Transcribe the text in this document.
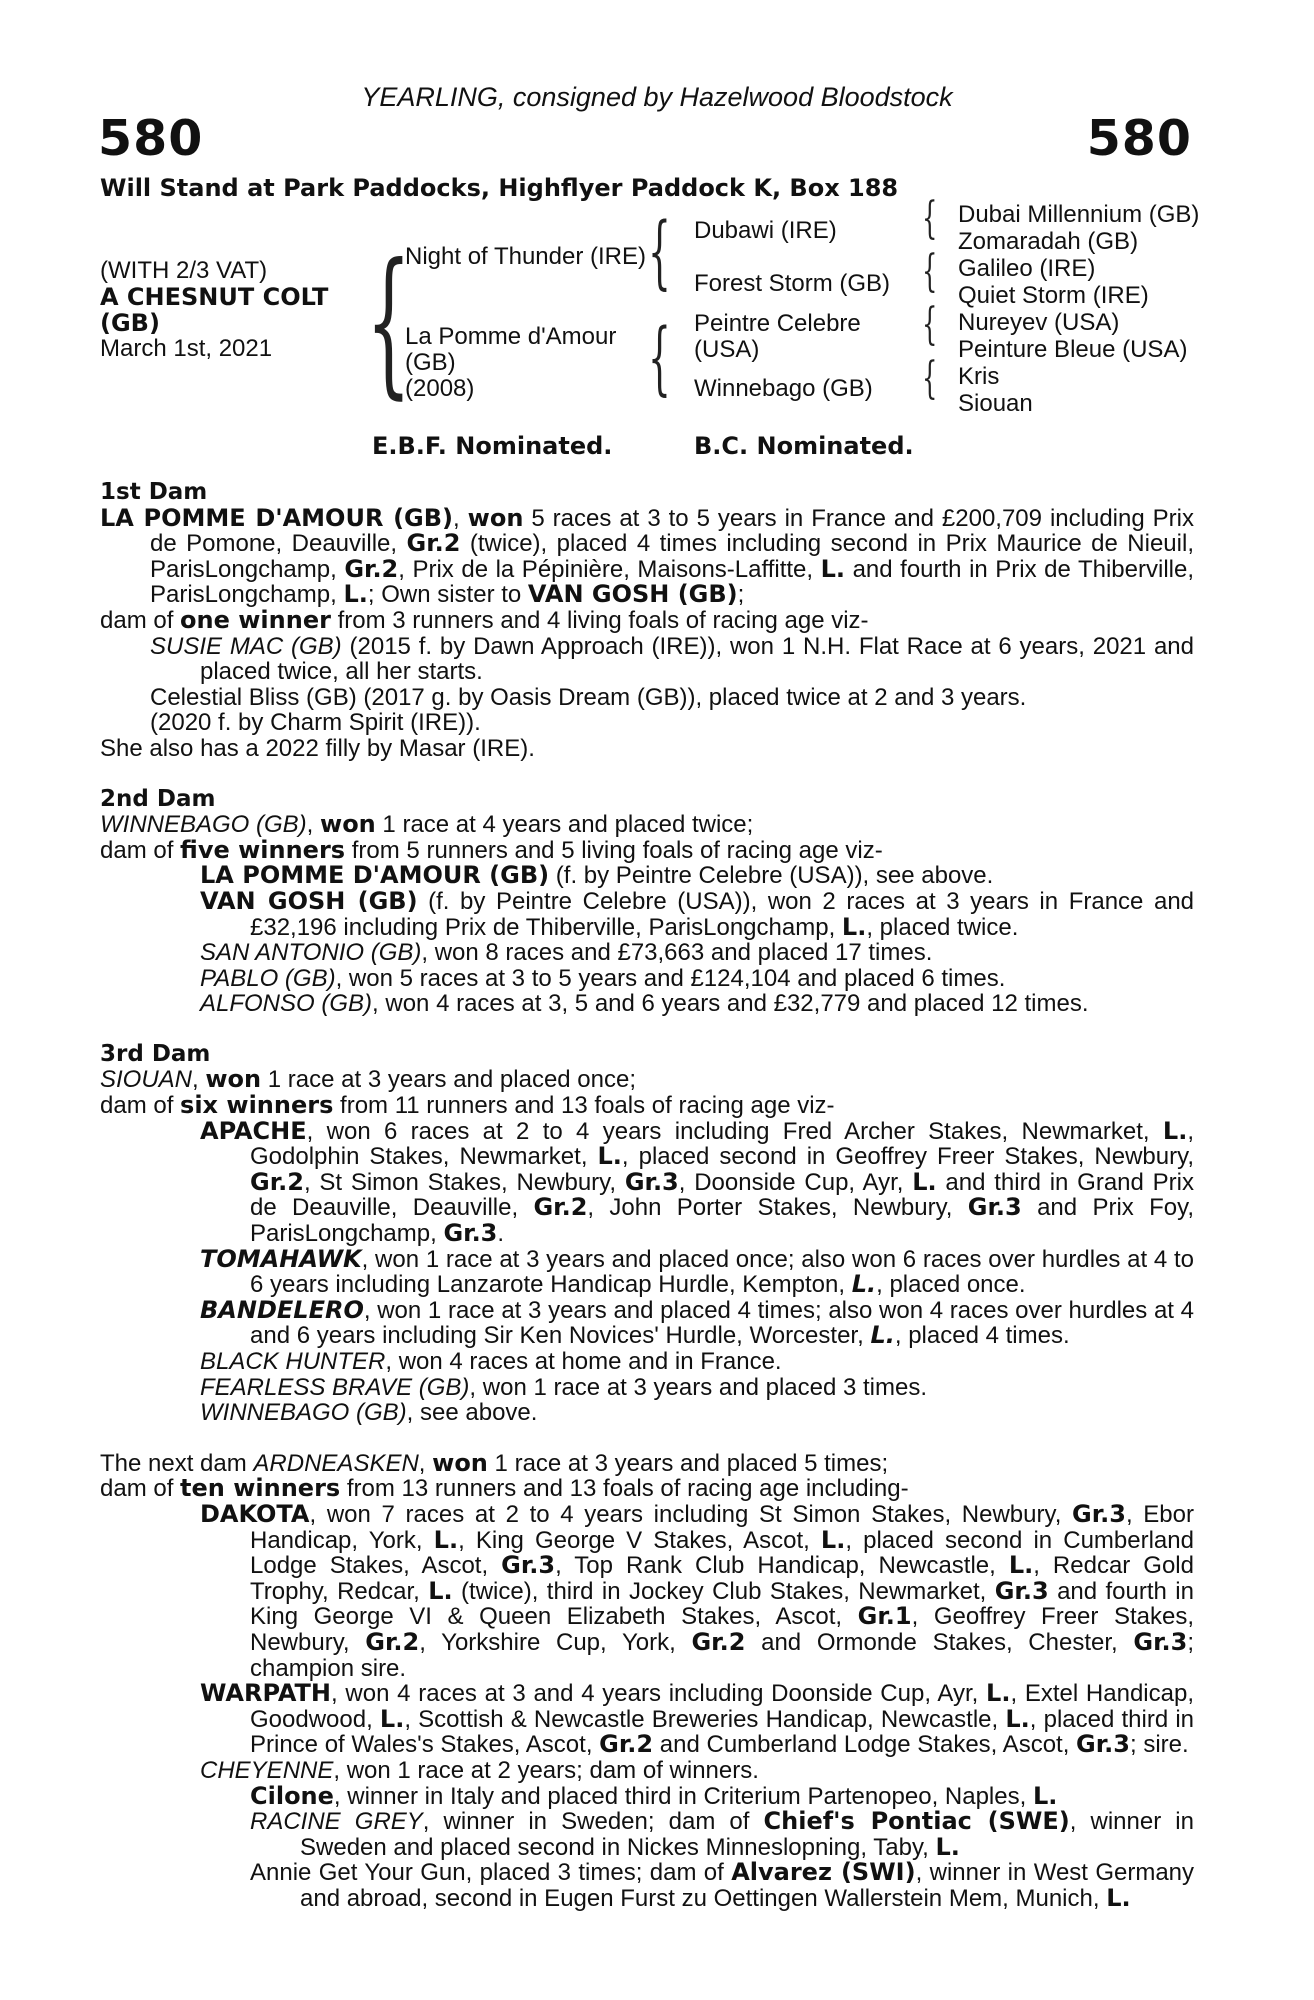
YEARLING, consigned by Hazelwood Bloodstock
580	580
Will Stand at Park Paddocks, Highflyer Paddock K, Box 188
(WITH 2/3 VAT)
A CHESNUT COLT
(GB)
March 1st, 2021 {	{
{
{
{
{
{
Night of Thunder (IRE)
La Pomme d'Amour
(GB)
(2008)
Dubawi (IRE)
Forest Storm (GB)
Peintre Celebre
(USA)
Winnebago (GB)
Dubai Millennium (GB)
Zomaradah (GB)
Galileo (IRE)
Quiet Storm (IRE)
Nureyev (USA)
Peinture Bleue (USA)
Kris
Siouan
E.B.F. Nominated.	B.C. Nominated.
1st Dam
LA POMME D'AMOUR (GB), won 5 races at 3 to 5 years in France and £200,709 including Prix de Pomone, Deauville, Gr.2 (twice), placed 4 times including second in Prix Maurice de Nieuil, ParisLongchamp, Gr.2, Prix de la Pépinière, Maisons-Laffitte, L. and fourth in Prix de Thiberville, ParisLongchamp, L.; Own sister to VAN GOSH (GB);
dam of one winner from 3 runners and 4 living foals of racing age viz-
SUSIE MAC (GB) (2015 f. by Dawn Approach (IRE)), won 1 N.H. Flat Race at 6 years, 2021 and placed twice, all her starts.
Celestial Bliss (GB) (2017 g. by Oasis Dream (GB)), placed twice at 2 and 3 years.
(2020 f. by Charm Spirit (IRE)).
She also has a 2022 filly by Masar (IRE).
2nd Dam
WINNEBAGO (GB), won 1 race at 4 years and placed twice;
dam of five winners from 5 runners and 5 living foals of racing age viz-
LA POMME D'AMOUR (GB) (f. by Peintre Celebre (USA)), see above.
VAN GOSH (GB) (f. by Peintre Celebre (USA)), won 2 races at 3 years in France and £32,196 including Prix de Thiberville, ParisLongchamp, L., placed twice.
SAN ANTONIO (GB), won 8 races and £73,663 and placed 17 times.
PABLO (GB), won 5 races at 3 to 5 years and £124,104 and placed 6 times.
ALFONSO (GB), won 4 races at 3, 5 and 6 years and £32,779 and placed 12 times.
3rd Dam
SIOUAN, won 1 race at 3 years and placed once;
dam of six winners from 11 runners and 13 foals of racing age viz-
APACHE, won 6 races at 2 to 4 years including Fred Archer Stakes, Newmarket, L., Godolphin Stakes, Newmarket, L., placed second in Geoffrey Freer Stakes, Newbury, Gr.2, St Simon Stakes, Newbury, Gr.3, Doonside Cup, Ayr, L. and third in Grand Prix de Deauville, Deauville, Gr.2, John Porter Stakes, Newbury, Gr.3 and Prix Foy, ParisLongchamp, Gr.3.
TOMAHAWK, won 1 race at 3 years and placed once; also won 6 races over hurdles at 4 to 6 years including Lanzarote Handicap Hurdle, Kempton, L., placed once.
BANDELERO, won 1 race at 3 years and placed 4 times; also won 4 races over hurdles at 4 and 6 years including Sir Ken Novices' Hurdle, Worcester, L., placed 4 times.
BLACK HUNTER, won 4 races at home and in France.
FEARLESS BRAVE (GB), won 1 race at 3 years and placed 3 times.
WINNEBAGO (GB), see above.
The next dam ARDNEASKEN, won 1 race at 3 years and placed 5 times;
dam of ten winners from 13 runners and 13 foals of racing age including-
DAKOTA, won 7 races at 2 to 4 years including St Simon Stakes, Newbury, Gr.3, Ebor Handicap, York, L., King George V Stakes, Ascot, L., placed second in Cumberland Lodge Stakes, Ascot, Gr.3, Top Rank Club Handicap, Newcastle, L., Redcar Gold Trophy, Redcar, L. (twice), third in Jockey Club Stakes, Newmarket, Gr.3 and fourth in King George VI & Queen Elizabeth Stakes, Ascot, Gr.1, Geoffrey Freer Stakes, Newbury, Gr.2, Yorkshire Cup, York, Gr.2 and Ormonde Stakes, Chester, Gr.3; champion sire.
WARPATH, won 4 races at 3 and 4 years including Doonside Cup, Ayr, L., Extel Handicap, Goodwood, L., Scottish & Newcastle Breweries Handicap, Newcastle, L., placed third in Prince of Wales's Stakes, Ascot, Gr.2 and Cumberland Lodge Stakes, Ascot, Gr.3; sire.
CHEYENNE, won 1 race at 2 years; dam of winners.
Cilone, winner in Italy and placed third in Criterium Partenopeo, Naples, L.
RACINE GREY, winner in Sweden; dam of Chief's Pontiac (SWE), winner in Sweden and placed second in Nickes Minneslopning, Taby, L.
Annie Get Your Gun, placed 3 times; dam of Alvarez (SWI), winner in West Germany and abroad, second in Eugen Furst zu Oettingen Wallerstein Mem, Munich, L.
